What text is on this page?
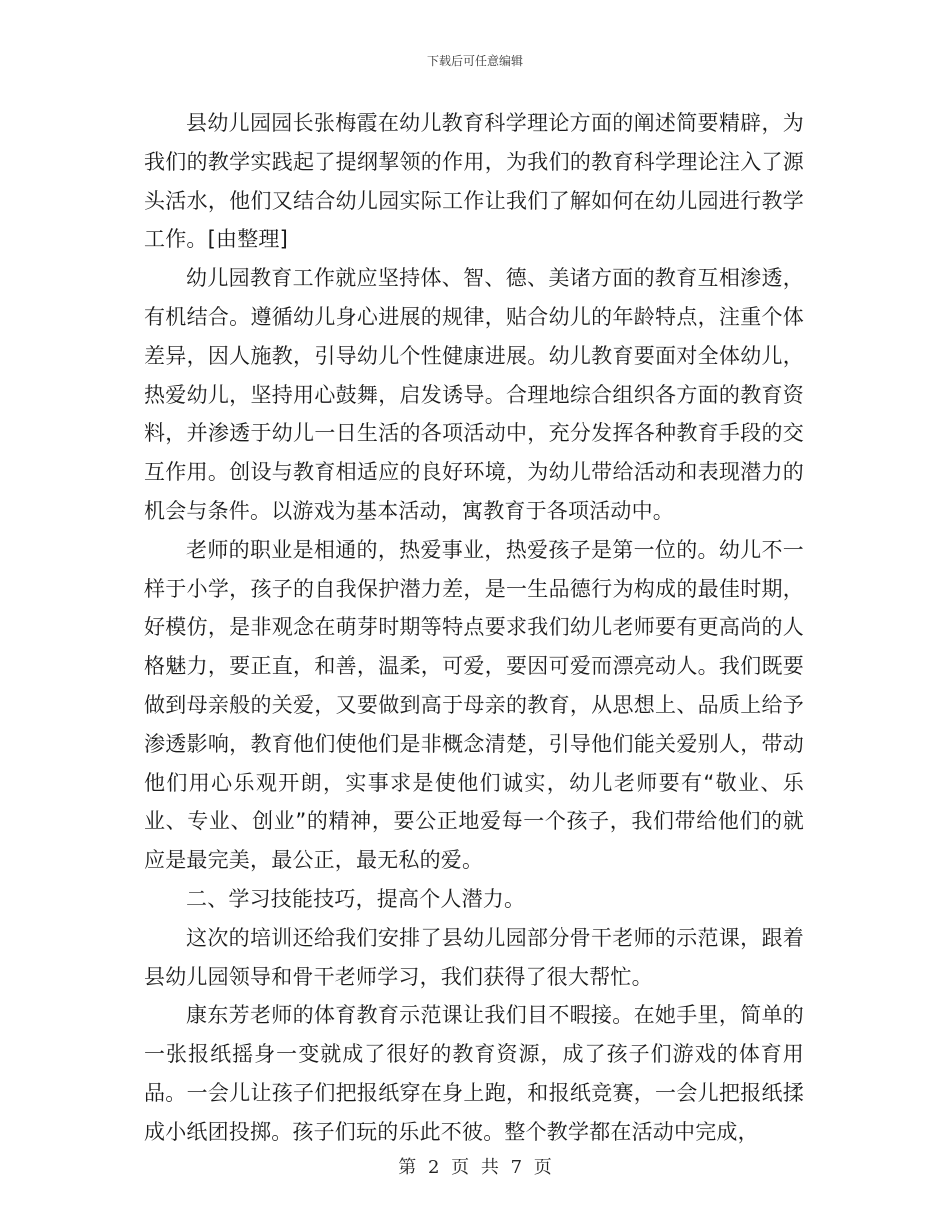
下载后可任意编辑

县幼儿园园长张梅霞在幼儿教育科学理论方面的阐述简要精辟，为我们的教学实践起了提纲挈领的作用，为我们的教育科学理论注入了源头活水，他们又结合幼儿园实际工作让我们了解如何在幼儿园进行教学工作。[由整理]

幼儿园教育工作就应坚持体、智、德、美诸方面的教育互相渗透，有机结合。遵循幼儿身心进展的规律，贴合幼儿的年龄特点，注重个体差异，因人施教，引导幼儿个性健康进展。幼儿教育要面对全体幼儿，热爱幼儿，坚持用心鼓舞，启发诱导。合理地综合组织各方面的教育资料，并渗透于幼儿一日生活的各项活动中，充分发挥各种教育手段的交互作用。创设与教育相适应的良好环境，为幼儿带给活动和表现潜力的机会与条件。以游戏为基本活动，寓教育于各项活动中。

老师的职业是相通的，热爱事业，热爱孩子是第一位的。幼儿不一样于小学，孩子的自我保护潜力差，是一生品德行为构成的最佳时期，好模仿，是非观念在萌芽时期等特点要求我们幼儿老师要有更高尚的人格魅力，要正直，和善，温柔，可爱，要因可爱而漂亮动人。我们既要做到母亲般的关爱，又要做到高于母亲的教育，从思想上、品质上给予渗透影响，教育他们使他们是非概念清楚，引导他们能关爱别人，带动他们用心乐观开朗，实事求是使他们诚实，幼儿老师要有“敬业、乐业、专业、创业”的精神，要公正地爱每一个孩子，我们带给他们的就应是最完美，最公正，最无私的爱。

二、学习技能技巧，提高个人潜力。

这次的培训还给我们安排了县幼儿园部分骨干老师的示范课，跟着县幼儿园领导和骨干老师学习，我们获得了很大帮忙。

康东芳老师的体育教育示范课让我们目不暇接。在她手里，简单的一张报纸摇身一变就成了很好的教育资源，成了孩子们游戏的体育用品。一会儿让孩子们把报纸穿在身上跑，和报纸竞赛，一会儿把报纸揉成小纸团投掷。孩子们玩的乐此不彼。整个教学都在活动中完成，

第 2 页 共 7 页
